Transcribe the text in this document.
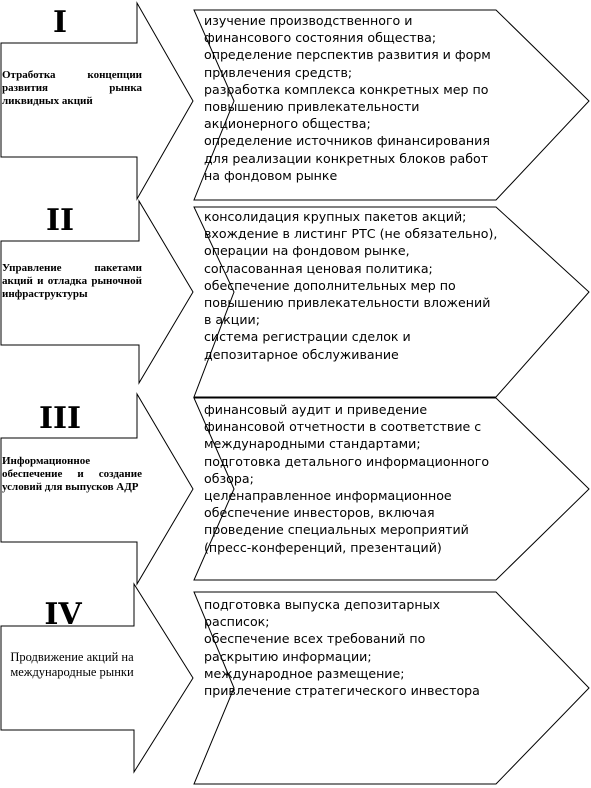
I
Отработка концепции развития рынка ликвидных акций

изучение производственного и финансового состояния общества;

определение перспектив развития и форм привлечения средств;

разработка комплекса конкретных мер по повышению привлекательности акционерного общества;

определение источников финансирования для реализации конкретных блоков работ на фондовом рынке

II
Управление пакетами акций и отладка рыночной инфраструктуры

консолидация крупных пакетов акций; вхождение в листинг РТС (не обязательно), операции на фондовом рынке, согласованная ценовая политика;

обеспечение дополнительных мер по повышению привлекательности вложений в акции;

система регистрации сделок и депозитарное обслуживание

III
Информационное обеспечение и создание условий для выпусков АДР

финансовый аудит и приведение финансовой отчетности в соответствие с международными стандартами;

подготовка детального информационного обзора;

целенаправленное информационное обеспечение инвесторов, включая проведение специальных мероприятий (пресс-конференций, презентаций)

IV
Продвижение акций на международные рынки

подготовка выпуска депозитарных расписок;

обеспечение всех требований по раскрытию информации;

международное размещение;

привлечение стратегического инвестора
